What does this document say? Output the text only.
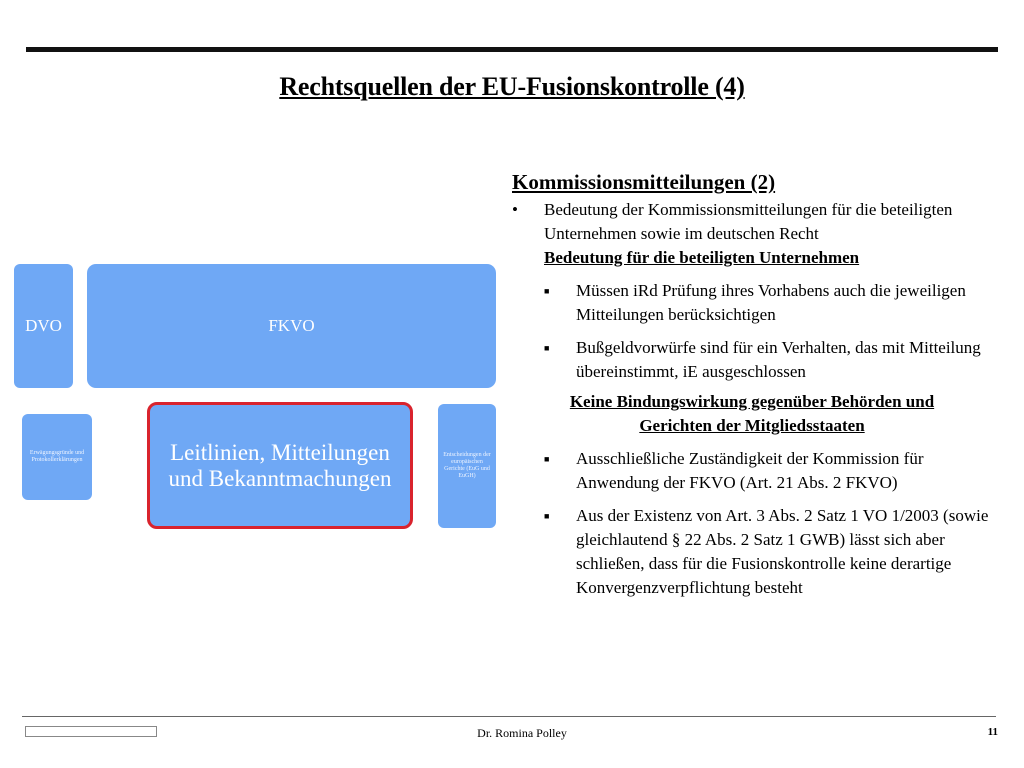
Rechtsquellen der EU-Fusionskontrolle (4)
DVO	FKVO
Erwägungsgründe und Protokollerklärungen	Leitlinien, Mitteilungen und Bekanntmachungen
Entscheidungen der europäischen Gerichte (EuG und EuGH)
Kommissionsmitteilungen (2)
•	Bedeutung der Kommissionsmitteilungen für die beteiligten Unternehmen sowie im deutschen Recht
Bedeutung für die beteiligten Unternehmen
■	Müssen iRd Prüfung ihres Vorhabens auch die jeweiligen Mitteilungen berücksichtigen
■	Bußgeldvorwürfe sind für ein Verhalten, das mit Mitteilung übereinstimmt, iE ausgeschlossen
Keine Bindungswirkung gegenüber Behörden und
Gerichten der Mitgliedsstaaten
■	Ausschließliche Zuständigkeit der Kommission für Anwendung der FKVO (Art. 21 Abs. 2 FKVO)
■	Aus der Existenz von Art. 3 Abs. 2 Satz 1 VO 1/2003 (sowie gleichlautend § 22 Abs. 2 Satz 1 GWB) lässt sich aber schließen, dass für die Fusionskontrolle keine derartige Konvergenzverpflichtung besteht
Dr. Romina Polley	11
